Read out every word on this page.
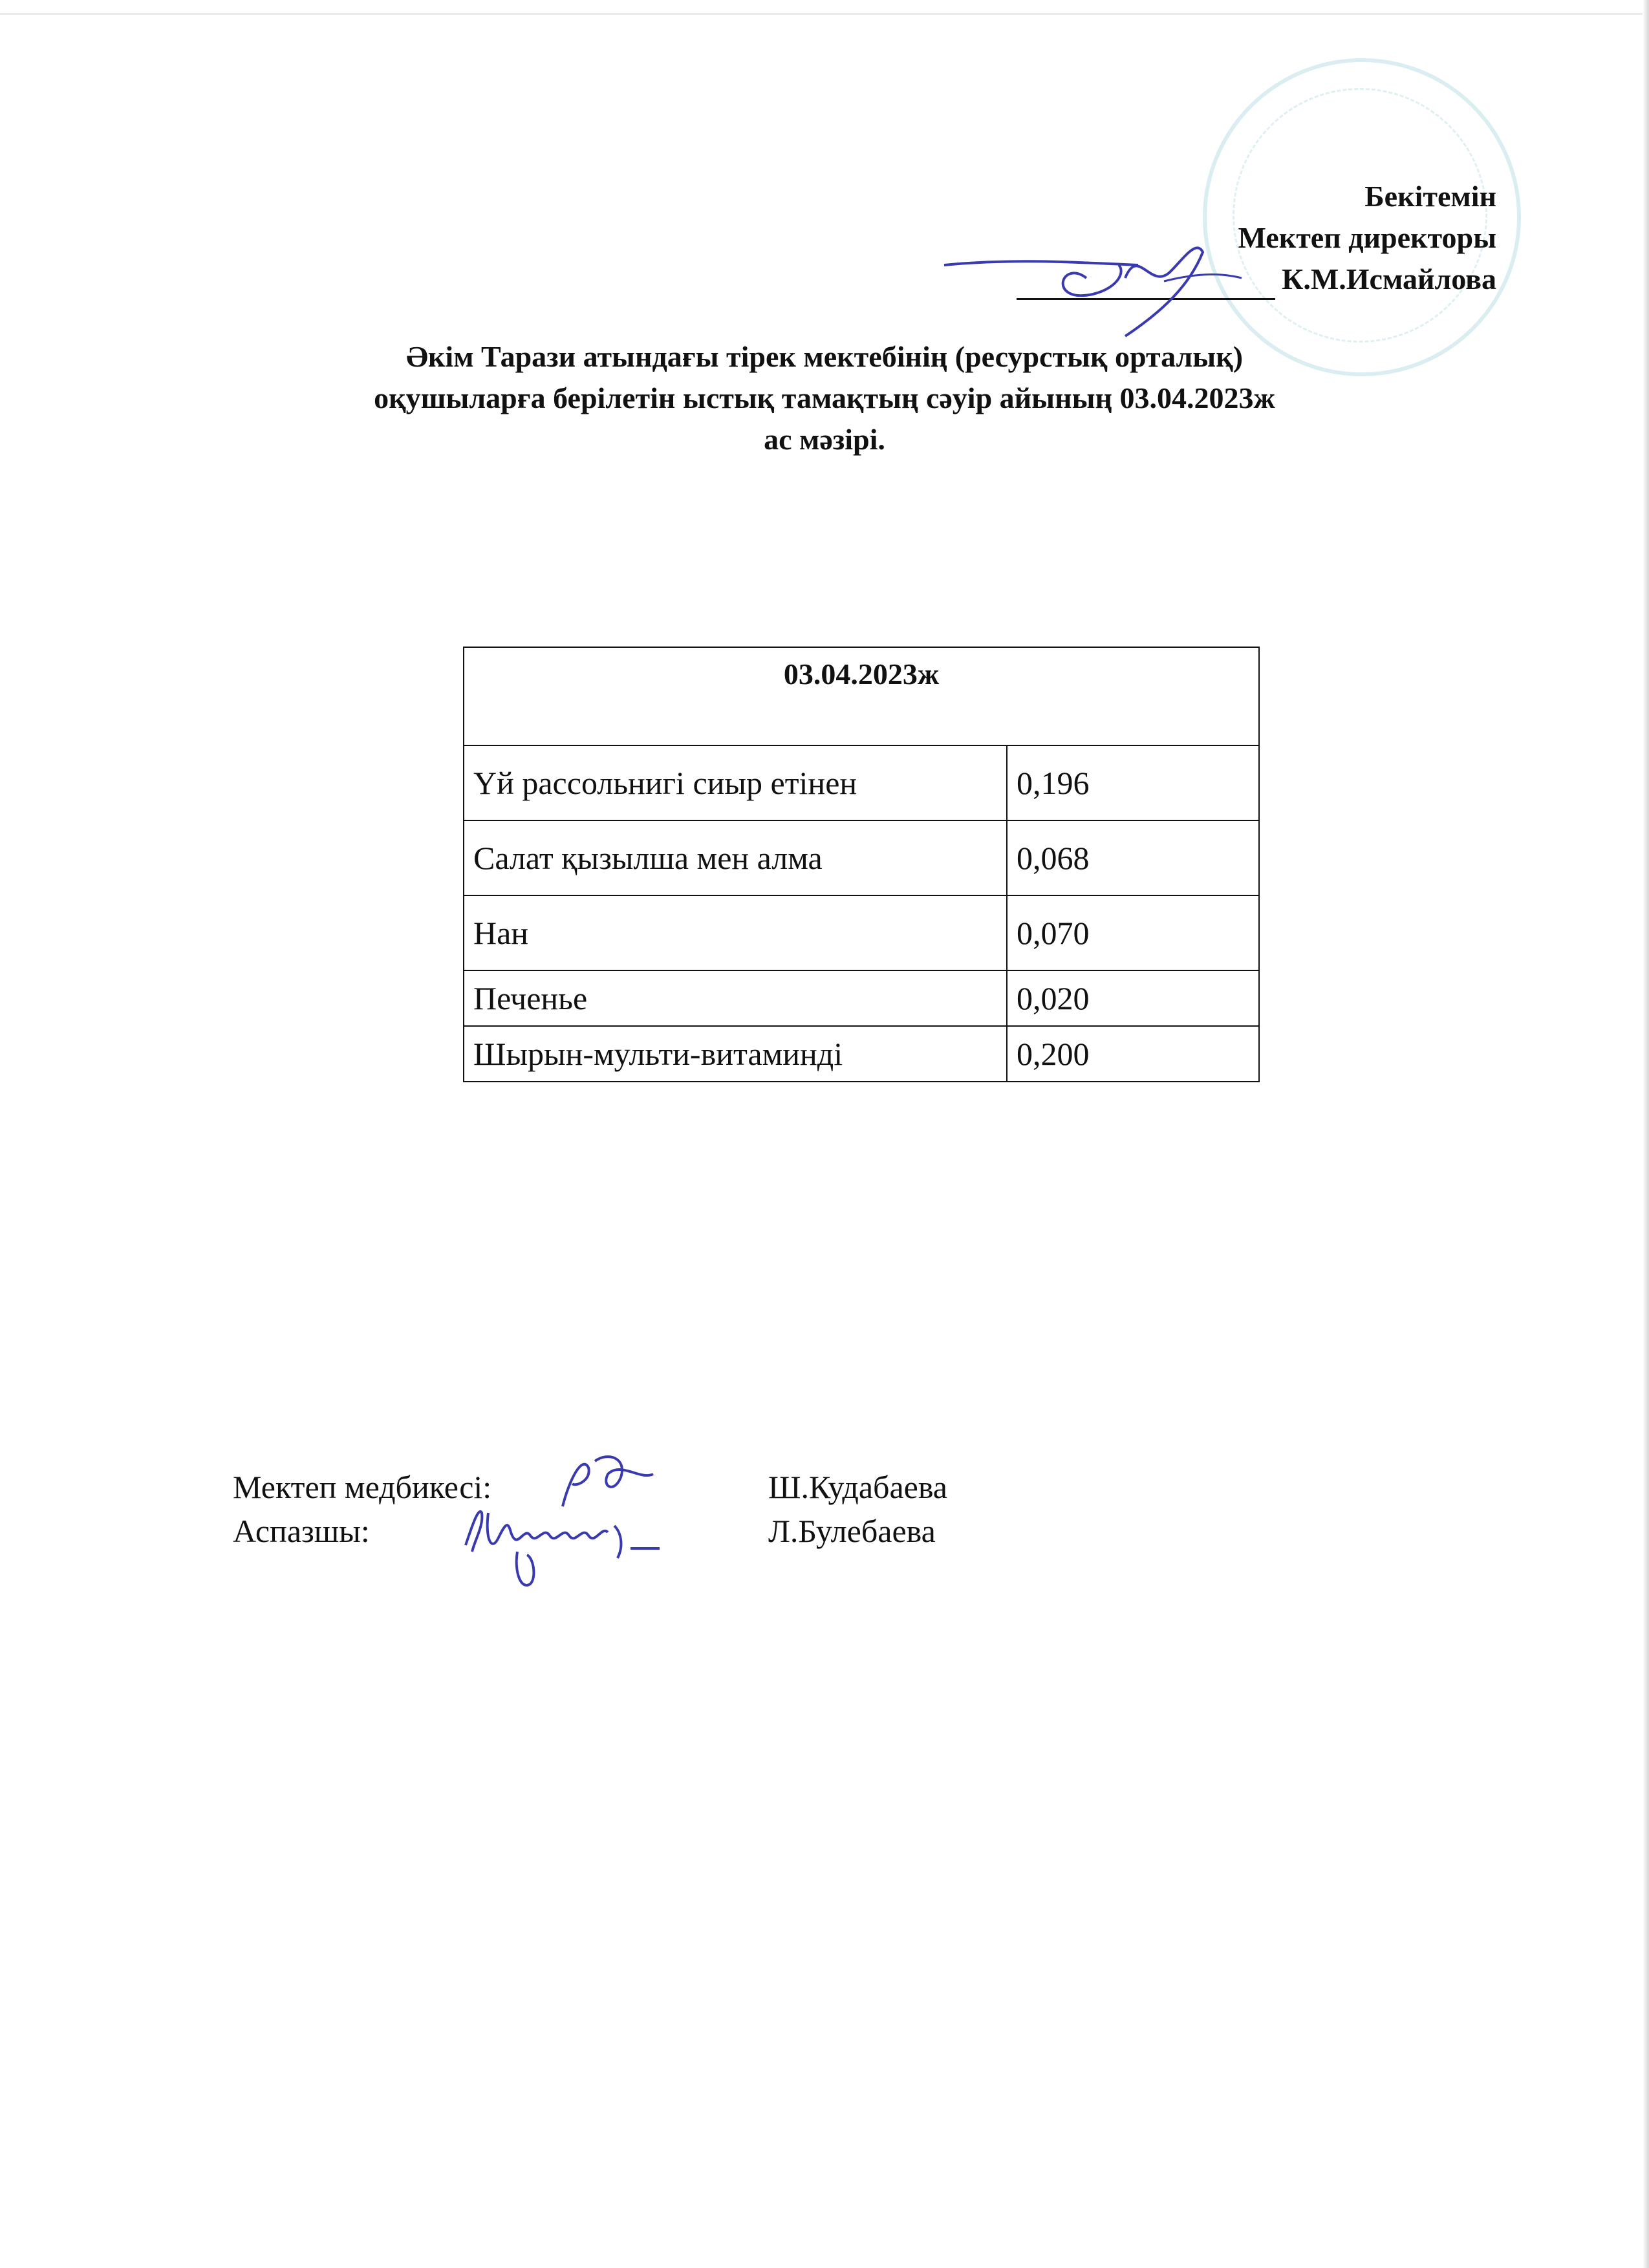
Бекітемін
Мектеп директоры
К.М.Исмайлова
Әкім Тарази атындағы тірек мектебінің (ресурстық орталық)
оқушыларға берілетін ыстық тамақтың сәуір айының 03.04.2023ж
ас мәзірі.
03.04.2023ж	
Үй рассольнигі сиыр етінен	0,196
Салат қызылша мен алма	0,068
Нан	0,070
Печенье	0,020
Шырын-мульти-витаминді	0,200
Мектеп медбикесі:	Ш.Кудабаева
Аспазшы:	Л.Булебаева
